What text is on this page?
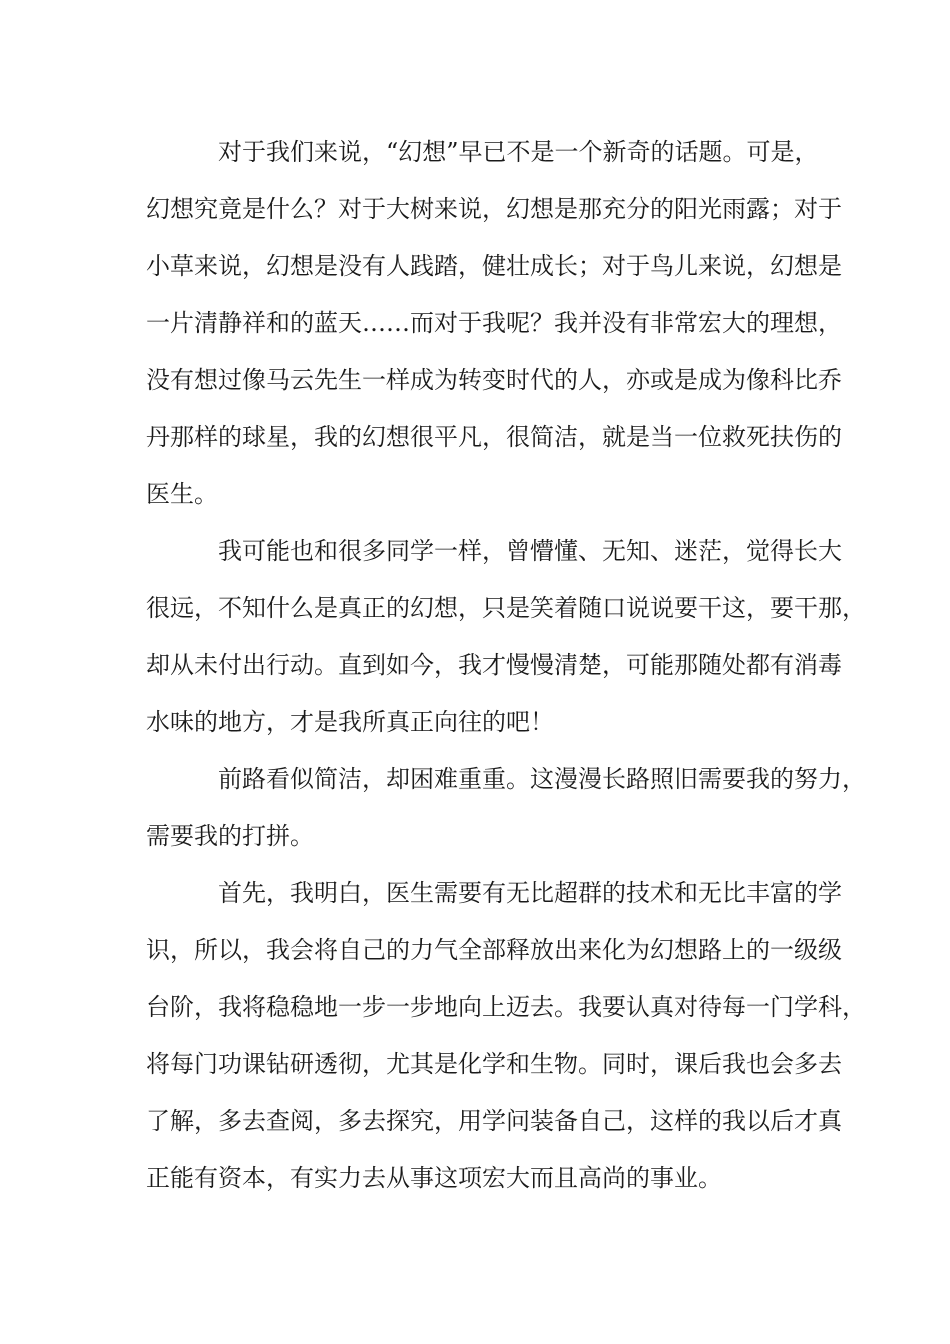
对于我们来说，“幻想”早已不是一个新奇的话题。可是，

幻想究竟是什么？对于大树来说，幻想是那充分的阳光雨露；对于

小草来说，幻想是没有人践踏，健壮成长；对于鸟儿来说，幻想是

一片清静祥和的蓝天……而对于我呢？我并没有非常宏大的理想，

没有想过像马云先生一样成为转变时代的人，亦或是成为像科比乔

丹那样的球星，我的幻想很平凡，很简洁，就是当一位救死扶伤的

医生。

我可能也和很多同学一样，曾懵懂、无知、迷茫，觉得长大

很远，不知什么是真正的幻想，只是笑着随口说说要干这，要干那，

却从未付出行动。直到如今，我才慢慢清楚，可能那随处都有消毒

水味的地方，才是我所真正向往的吧！

前路看似简洁，却困难重重。这漫漫长路照旧需要我的努力，

需要我的打拼。

首先，我明白，医生需要有无比超群的技术和无比丰富的学

识，所以，我会将自己的力气全部释放出来化为幻想路上的一级级

台阶，我将稳稳地一步一步地向上迈去。我要认真对待每一门学科，

将每门功课钻研透彻，尤其是化学和生物。同时，课后我也会多去

了解，多去查阅，多去探究，用学问装备自己，这样的我以后才真

正能有资本，有实力去从事这项宏大而且高尚的事业。
